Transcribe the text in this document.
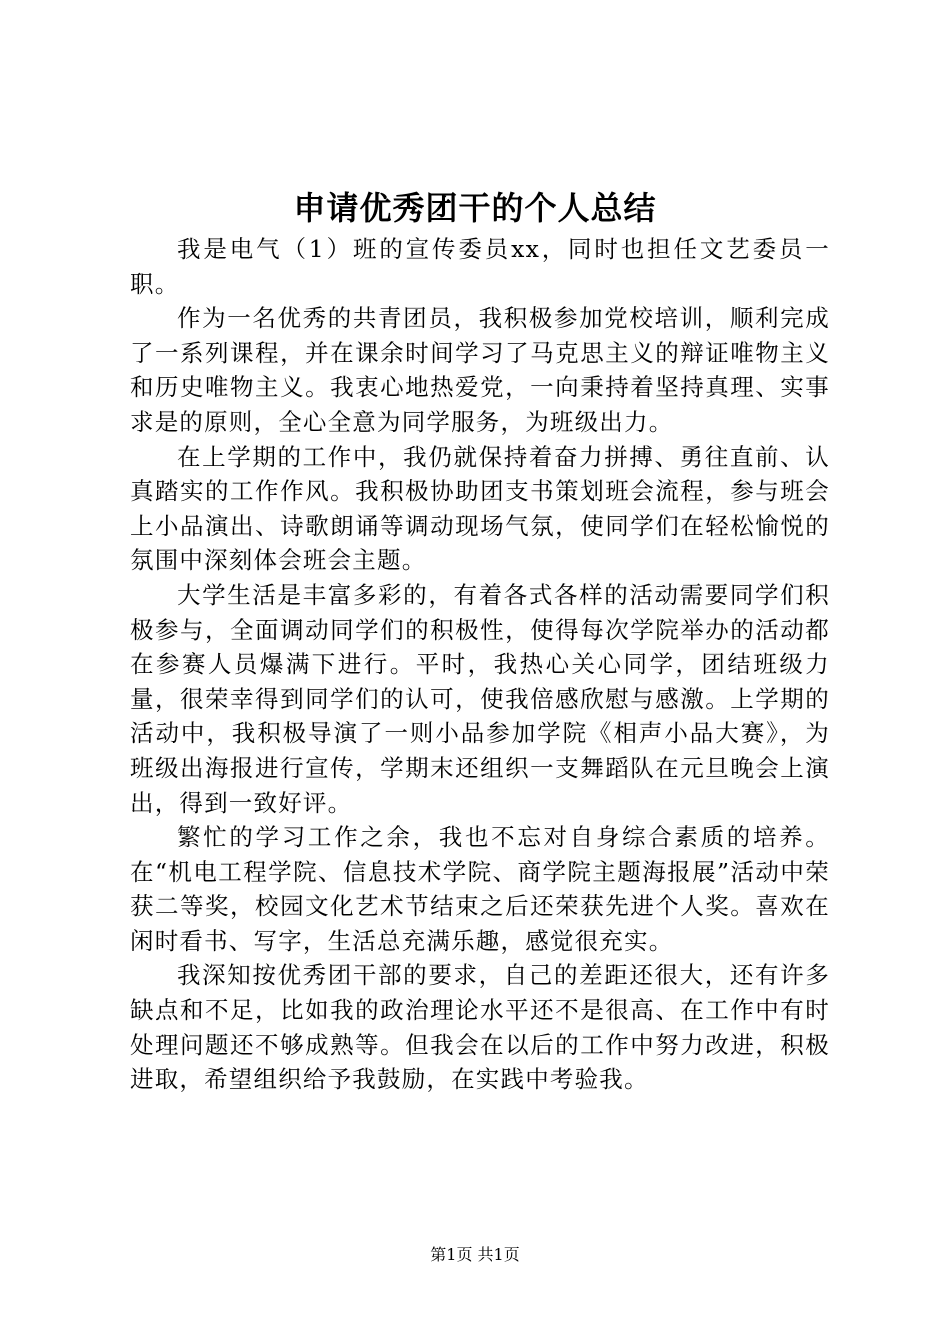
申请优秀团干的个人总结

我是电气（1）班的宣传委员xx，同时也担任文艺委员一职。

作为一名优秀的共青团员，我积极参加党校培训，顺利完成了一系列课程，并在课余时间学习了马克思主义的辩证唯物主义和历史唯物主义。我衷心地热爱党，一向秉持着坚持真理、实事求是的原则，全心全意为同学服务，为班级出力。

在上学期的工作中，我仍就保持着奋力拼搏、勇往直前、认真踏实的工作作风。我积极协助团支书策划班会流程，参与班会上小品演出、诗歌朗诵等调动现场气氛，使同学们在轻松愉悦的氛围中深刻体会班会主题。

大学生活是丰富多彩的，有着各式各样的活动需要同学们积极参与，全面调动同学们的积极性，使得每次学院举办的活动都在参赛人员爆满下进行。平时，我热心关心同学，团结班级力量，很荣幸得到同学们的认可，使我倍感欣慰与感激。上学期的活动中，我积极导演了一则小品参加学院《相声小品大赛》，为班级出海报进行宣传，学期末还组织一支舞蹈队在元旦晚会上演出，得到一致好评。

繁忙的学习工作之余，我也不忘对自身综合素质的培养。在“机电工程学院、信息技术学院、商学院主题海报展”活动中荣获二等奖，校园文化艺术节结束之后还荣获先进个人奖。喜欢在闲时看书、写字，生活总充满乐趣，感觉很充实。

我深知按优秀团干部的要求，自己的差距还很大，还有许多缺点和不足，比如我的政治理论水平还不是很高、在工作中有时处理问题还不够成熟等。但我会在以后的工作中努力改进，积极进取，希望组织给予我鼓励，在实践中考验我。

第1页 共1页
